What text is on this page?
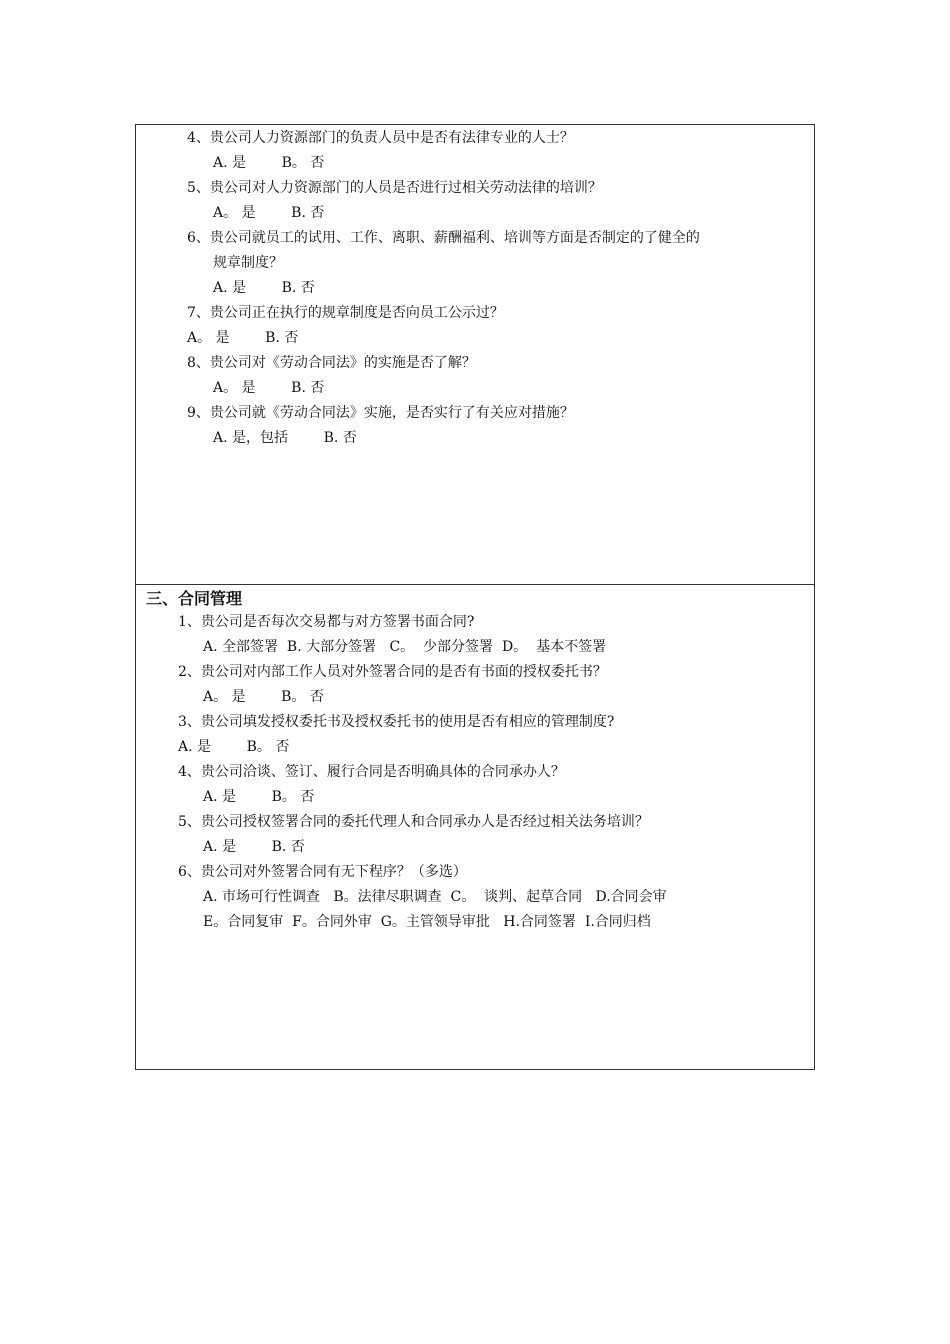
4、贵公司人力资源部门的负责人员中是否有法律专业的人士？
A. 是        B。 否
5、贵公司对人力资源部门的人员是否进行过相关劳动法律的培训？
A。 是        B. 否
6、贵公司就员工的试用、工作、离职、薪酬福利、培训等方面是否制定的了健全的
规章制度？
A. 是        B. 否
7、贵公司正在执行的规章制度是否向员工公示过？
A。 是        B. 否
8、贵公司对《劳动合同法》的实施是否了解？
A。 是        B. 否
9、贵公司就《劳动合同法》实施，是否实行了有关应对措施？
A. 是，包括        B. 否
三、合同管理
1、贵公司是否每次交易都与对方签署书面合同?
A. 全部签署  B. 大部分签署   C。  少部分签署  D。  基本不签署
2、贵公司对内部工作人员对外签署合同的是否有书面的授权委托书？
A。 是        B。 否
3、贵公司填发授权委托书及授权委托书的使用是否有相应的管理制度?
A. 是        B。 否
4、贵公司洽谈、签订、履行合同是否明确具体的合同承办人？
A. 是        B。 否
5、贵公司授权签署合同的委托代理人和合同承办人是否经过相关法务培训？
A. 是        B. 否
6、贵公司对外签署合同有无下程序？（多选）
A. 市场可行性调查   B。法律尽职调查  C。  谈判、起草合同   D.合同会审
E。合同复审  F。合同外审  G。主管领导审批   H.合同签署  I.合同归档
